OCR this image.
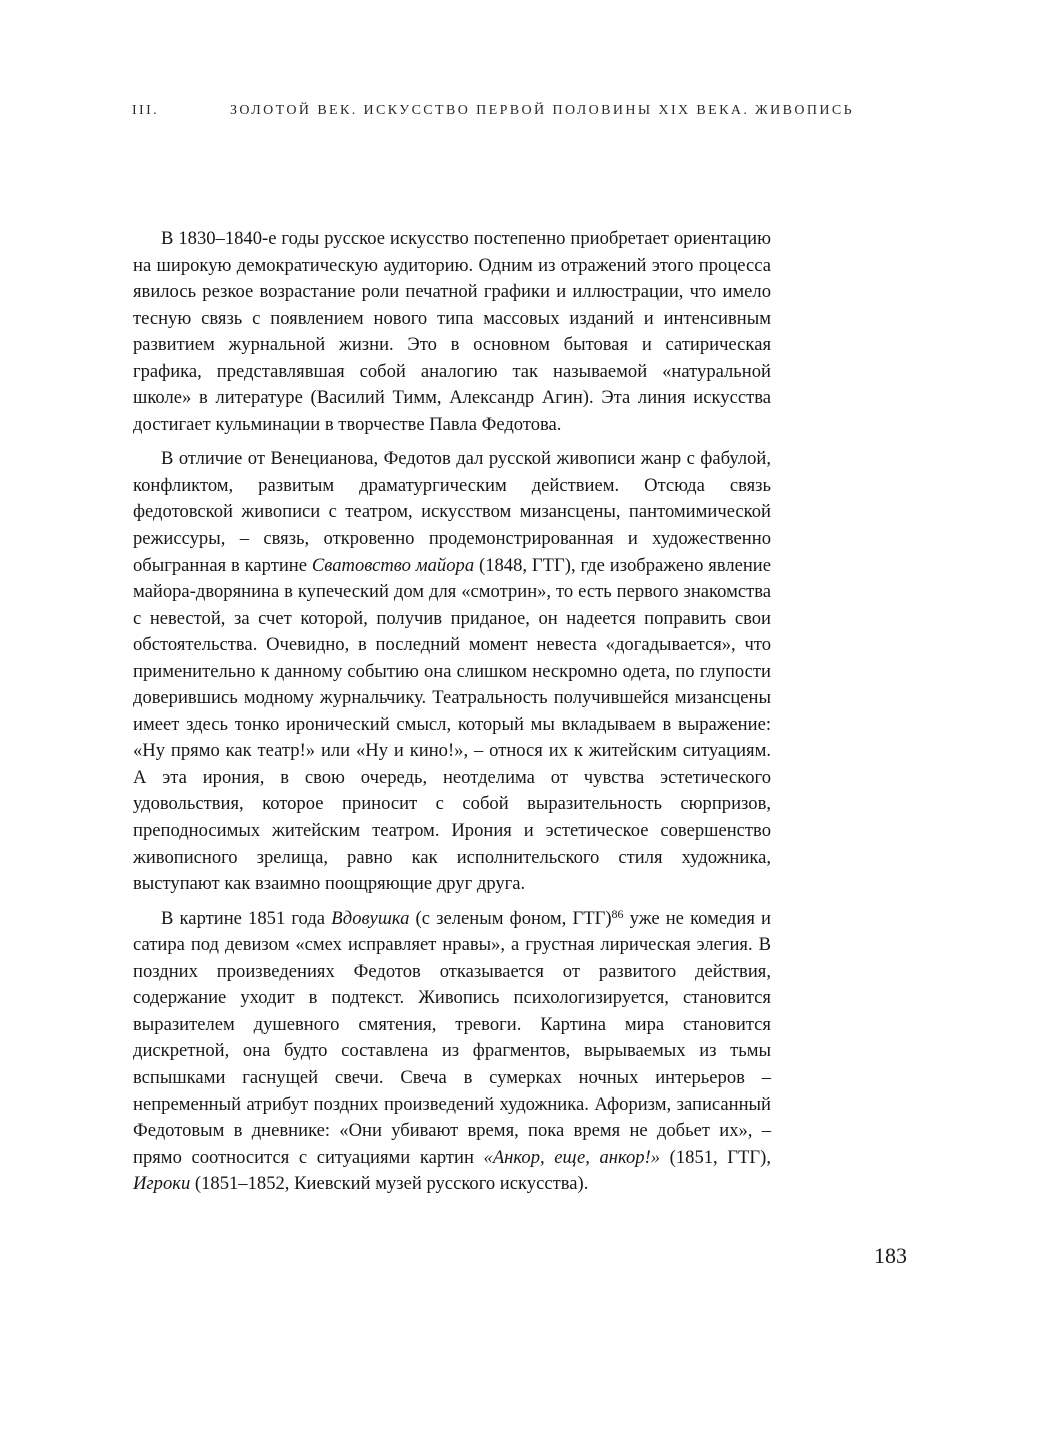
III.	ЗОЛОТОЙ ВЕК. ИСКУССТВО ПЕРВОЙ ПОЛОВИНЫ XIX ВЕКА. ЖИВОПИСЬ

В 1830–1840-е годы русское искусство постепенно приобретает ориентацию на широкую демократическую аудиторию. Одним из отражений этого процесса явилось резкое возрастание роли печатной графики и иллюстрации, что имело тесную связь с появлением нового типа массовых изданий и интенсивным развитием журнальной жизни. Это в основном бытовая и сатирическая графика, представлявшая собой аналогию так называемой «натуральной школе» в литературе (Василий Тимм, Александр Агин). Эта линия искусства достигает кульминации в творчестве Павла Федотова.

В отличие от Венецианова, Федотов дал русской живописи жанр с фабулой, конфликтом, развитым драматургическим действием. Отсюда связь федотовской живописи с театром, искусством мизансцены, пантомимической режиссуры, – связь, откровенно продемонстрированная и художественно обыгранная в картине Сватовство майора (1848, ГТГ), где изображено явление майора-дворянина в купеческий дом для «смотрин», то есть первого знакомства с невестой, за счет которой, получив приданое, он надеется поправить свои обстоятельства. Очевидно, в последний момент невеста «догадывается», что применительно к данному событию она слишком нескромно одета, по глупости доверившись модному журнальчику. Театральность получившейся мизансцены имеет здесь тонко иронический смысл, который мы вкладываем в выражение: «Ну прямо как театр!» или «Ну и кино!», – относя их к житейским ситуациям. А эта ирония, в свою очередь, неотделима от чувства эстетического удовольствия, которое приносит с собой выразительность сюрпризов, преподносимых житейским театром. Ирония и эстетическое совершенство живописного зрелища, равно как исполнительского стиля художника, выступают как взаимно поощряющие друг друга.

В картине 1851 года Вдовушка (с зеленым фоном, ГТГ)$^{86}$ уже не комедия и сатира под девизом «смех исправляет нравы», а грустная лирическая элегия. В поздних произведениях Федотов отказывается от развитого действия, содержание уходит в подтекст. Живопись психологизируется, становится выразителем душевного смятения, тревоги. Картина мира становится дискретной, она будто составлена из фрагментов, вырываемых из тьмы вспышками гаснущей свечи. Свеча в сумерках ночных интерьеров – непременный атрибут поздних произведений художника. Афоризм, записанный Федотовым в дневнике: «Они убивают время, пока время не добьет их», – прямо соотносится с ситуациями картин «Анкор, еще, анкор!» (1851, ГТГ), Игроки (1851–1852, Киевский музей русского искусства).

183
